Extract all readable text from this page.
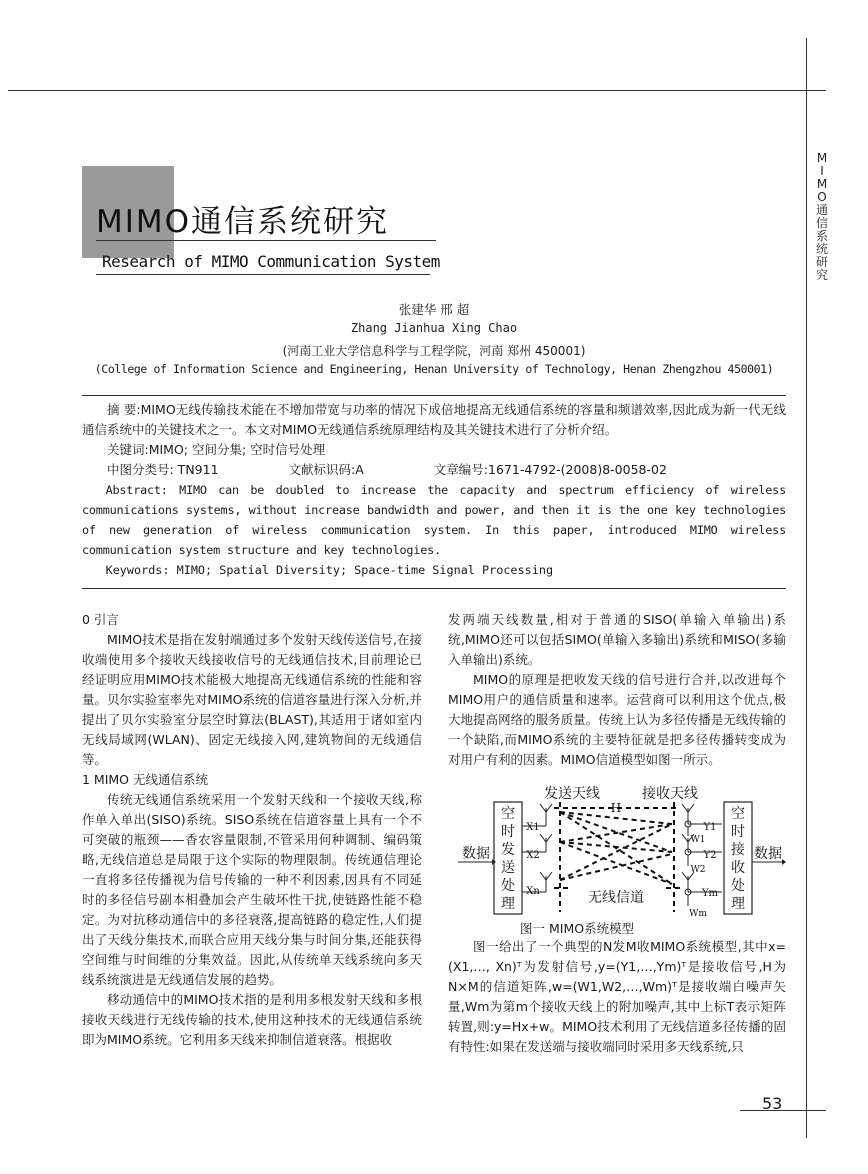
M
I
M
O
通
信
系
统
研
究
MIMO通信系统研究
Research of MIMO Communication System
张建华 邢 超
Zhang Jianhua Xing Chao
(河南工业大学信息科学与工程学院，河南 郑州 450001)
(College of Information Science and Engineering, Henan University of Technology, Henan Zhengzhou 450001)

摘 要:MIMO无线传输技术能在不增加带宽与功率的情况下成倍地提高无线通信系统的容量和频谱效率,因此成为新一代无线通信系统中的关键技术之一。本文对MIMO无线通信系统原理结构及其关键技术进行了分析介绍。

关键词:MIMO; 空间分集; 空时信号处理

中图分类号: TN911	文献标识码:A	文章编号:1671-4792-(2008)8-0058-02

Abstract: MIMO can be doubled to increase the capacity and spectrum efficiency of wireless communications systems, without increase bandwidth and power, and then it is the one key technologies of new generation of wireless communication system. In this paper, introduced MIMO wireless communication system structure and key technologies.

Keywords: MIMO; Spatial Diversity; Space-time Signal Processing

0 引言

MIMO技术是指在发射端通过多个发射天线传送信号,在接收端使用多个接收天线接收信号的无线通信技术,目前理论已经证明应用MIMO技术能极大地提高无线通信系统的性能和容量。贝尔实验室率先对MIMO系统的信道容量进行深入分析,并提出了贝尔实验室分层空时算法(BLAST),其适用于诸如室内无线局域网(WLAN)、固定无线接入网,建筑物间的无线通信等。

1 MIMO 无线通信系统

传统无线通信系统采用一个发射天线和一个接收天线,称作单入单出(SISO)系统。SISO系统在信道容量上具有一个不可突破的瓶颈——香农容量限制,不管采用何种调制、编码策略,无线信道总是局限于这个实际的物理限制。传统通信理论一直将多径传播视为信号传输的一种不利因素,因具有不同延时的多径信号副本相叠加会产生破坏性干扰,使链路性能不稳定。为对抗移动通信中的多径衰落,提高链路的稳定性,人们提出了天线分集技术,而联合应用天线分集与时间分集,还能获得空间维与时间维的分集效益。因此,从传统单天线系统向多天线系统演进是无线通信发展的趋势。

移动通信中的MIMO技术指的是利用多根发射天线和多根接收天线进行无线传输的技术,使用这种技术的无线通信系统即为MIMO系统。它利用多天线来抑制信道衰落。根据收

发两端天线数量,相对于普通的SISO(单输入单输出)系统,MIMO还可以包括SIMO(单输入多输出)系统和MISO(多输入单输出)系统。

MIMO的原理是把收发天线的信号进行合并,以改进每个MIMO用户的通信质量和速率。运营商可以利用这个优点,极大地提高网络的服务质量。传统上认为多径传播是无线传输的一个缺陷,而MIMO系统的主要特征就是把多径传播转变成为对用户有利的因素。MIMO信道模型如图一所示。

发送天线	接收天线
H
空
时
发
送
处
理
空
时
接
收
处
理
数据	数据
无线信道
X1
X2
Xn
Y1
Y2
Ym
W1
W2
Wm
图一 MIMO系统模型

图一给出了一个典型的N发M收MIMO系统模型,其中x=(X1,…, Xn)ᵀ为发射信号,y=(Y1,…,Ym)ᵀ是接收信号,H为N×M的信道矩阵,w=(W1,W2,…,Wm)ᵀ是接收端白噪声矢量,Wm为第m个接收天线上的附加噪声,其中上标T表示矩阵转置,则:y=Hx+w。MIMO技术利用了无线信道多径传播的固有特性:如果在发送端与接收端同时采用多天线系统,只

53
